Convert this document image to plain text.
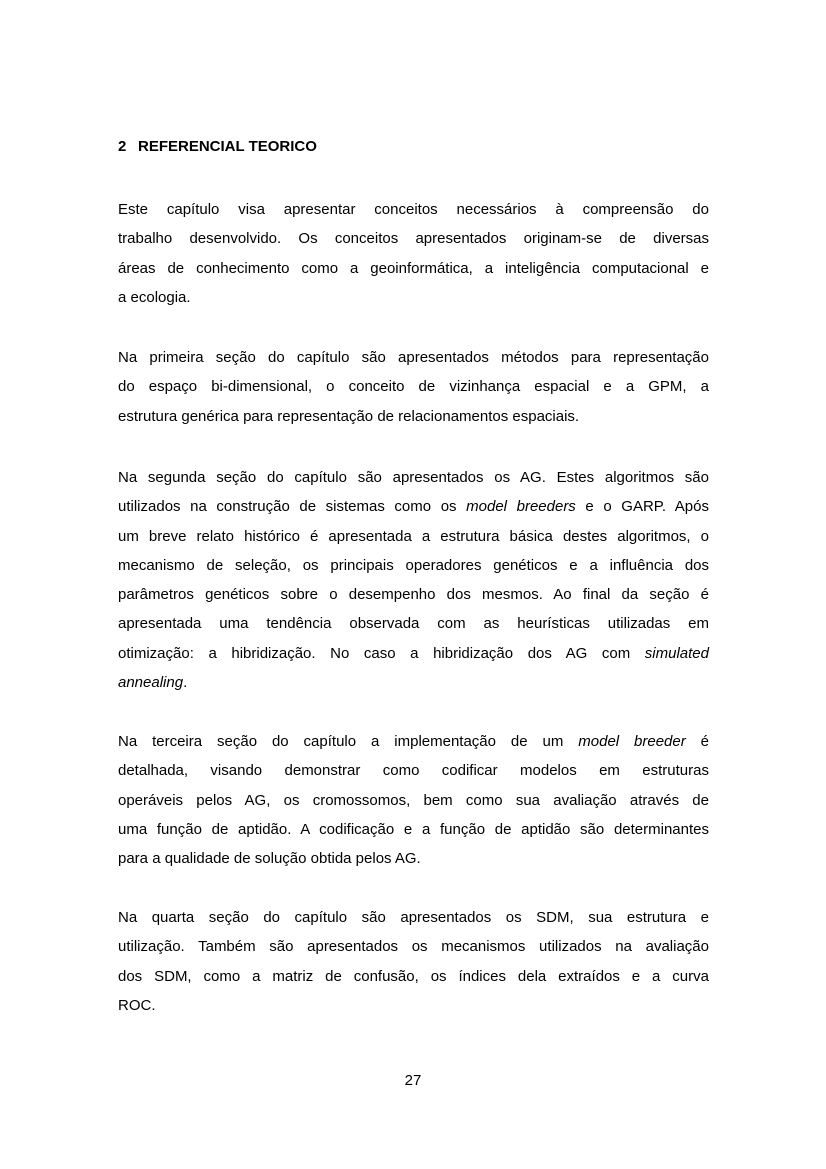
2 REFERENCIAL TEORICO
Este capítulo visa apresentar conceitos necessários à compreensão do
trabalho desenvolvido. Os conceitos apresentados originam-se de diversas
áreas de conhecimento como a geoinformática, a inteligência computacional e
a ecologia.
Na primeira seção do capítulo são apresentados métodos para representação
do espaço bi-dimensional, o conceito de vizinhança espacial e a GPM, a
estrutura genérica para representação de relacionamentos espaciais.
Na segunda seção do capítulo são apresentados os AG. Estes algoritmos são
utilizados na construção de sistemas como os model breeders e o GARP. Após
um breve relato histórico é apresentada a estrutura básica destes algoritmos, o
mecanismo de seleção, os principais operadores genéticos e a influência dos
parâmetros genéticos sobre o desempenho dos mesmos. Ao final da seção é
apresentada uma tendência observada com as heurísticas utilizadas em
otimização: a hibridização. No caso a hibridização dos AG com simulated
annealing.
Na terceira seção do capítulo a implementação de um model breeder é
detalhada, visando demonstrar como codificar modelos em estruturas
operáveis pelos AG, os cromossomos, bem como sua avaliação através de
uma função de aptidão. A codificação e a função de aptidão são determinantes
para a qualidade de solução obtida pelos AG.
Na quarta seção do capítulo são apresentados os SDM, sua estrutura e
utilização. Também são apresentados os mecanismos utilizados na avaliação
dos SDM, como a matriz de confusão, os índices dela extraídos e a curva
ROC.
27
